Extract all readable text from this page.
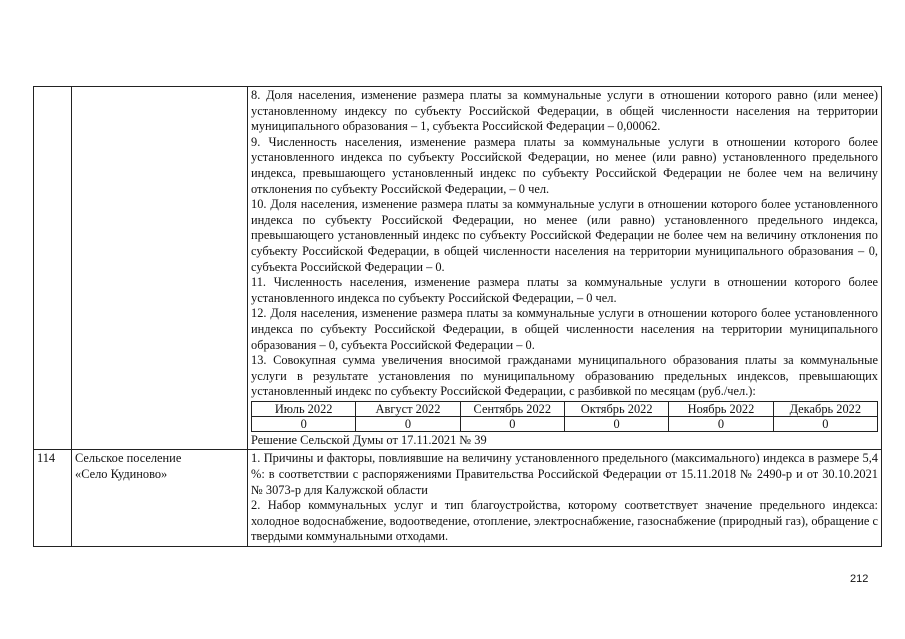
8. Доля населения, изменение размера платы за коммунальные услуги в отношении которого равно (или менее) установленному индексу по субъекту Российской Федерации, в общей численности населения на территории муниципального образования – 1, субъекта Российской Федерации – 0,00062.

9. Численность населения, изменение размера платы за коммунальные услуги в отношении которого более установленного индекса по субъекту Российской Федерации, но менее (или равно) установленного предельного индекса, превышающего установленный индекс по субъекту Российской Федерации не более чем на величину отклонения по субъекту Российской Федерации, – 0 чел.

10. Доля населения, изменение размера платы за коммунальные услуги в отношении которого более установленного индекса по субъекту Российской Федерации, но менее (или равно) установленного предельного индекса, превышающего установленный индекс по субъекту Российской Федерации не более чем на величину отклонения по субъекту Российской Федерации, в общей численности населения на территории муниципального образования – 0, субъекта Российской Федерации – 0.

11. Численность населения, изменение размера платы за коммунальные услуги в отношении которого более установленного индекса по субъекту Российской Федерации, – 0 чел.

12. Доля населения, изменение размера платы за коммунальные услуги в отношении которого более установленного индекса по субъекту Российской Федерации, в общей численности населения на территории муниципального образования – 0, субъекта Российской Федерации – 0.

13. Совокупная сумма увеличения вносимой гражданами муниципального образования платы за коммунальные услуги в результате установления по муниципальному образованию предельных индексов, превышающих установленный индекс по субъекту Российской Федерации, с разбивкой по месяцам (руб./чел.):

Июль 2022	Август 2022	Сентябрь 2022	Октябрь 2022	Ноябрь 2022	Декабрь 2022
0	0	0	0	0	0

Решение Сельской Думы от 17.11.2021 № 39

114	Сельское поселение
«Село Кудиново»

1. Причины и факторы, повлиявшие на величину установленного предельного (максимального) индекса в размере 5,4 %: в соответствии с распоряжениями Правительства Российской Федерации от 15.11.2018 № 2490-р и от 30.10.2021 № 3073-р для Калужской области

2. Набор коммунальных услуг и тип благоустройства, которому соответствует значение предельного индекса: холодное водоснабжение, водоотведение, отопление, электроснабжение, газоснабжение (природный газ), обращение с твердыми коммунальными отходами.

212
